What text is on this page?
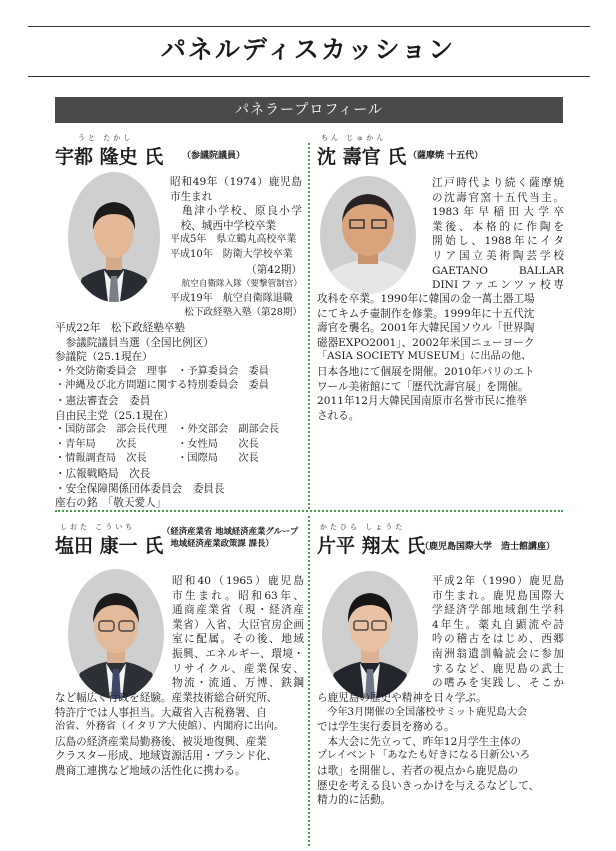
パネルディスカッション
パネラープロフィール
うと たかし
宇都 隆史 氏 （参議院議員）
昭和49年（1974）鹿児島
市生まれ
　亀津小学校、原良小学
　校、城西中学校卒業
平成5年　県立鶴丸高校卒業
平成10年　防衛大学校卒業
（第42期）
航空自衛隊入隊（要撃管制官）
平成19年　航空自衛隊退職
松下政経塾入塾（第28期）
平成22年　松下政経塾卒塾
　参議院議員当選（全国比例区）
参議院（25.1現在）
・外交防衛委員会　理事　・予算委員会　委員
・沖縄及び北方問題に関する特別委員会　委員
・憲法審査会　委員
自由民主党（25.1現在）
・国防部会　部会長代理　・外交部会　副部会長
・青年局　　次長　　　　・女性局　　次長
・情報調査局　次長　　　・国際局　　次長
・広報戦略局　次長
・安全保障関係団体委員会　委員長
座右の銘　「敬天愛人」
ちん じゅかん
沈 壽官 氏 （薩摩焼 十五代）
江戸時代より続く薩摩焼
の沈壽官窯十五代当主。
1983年早稲田大学卒
業後、本格的に作陶を
開始し、1988年にイタ
リア国立美術陶芸学校
GAETANO BALLAR
DINIファエンツァ校専
攻科を卒業。1990年に韓国の金一萬土器工場
にてキムチ壷制作を修業。1999年に十五代沈
壽官を襲名。2001年大韓民国ソウル「世界陶
磁器EXPO2001」、2002年米国ニューヨーク
「ASIA SOCIETY MUSEUM」に出品の他、
日本各地にて個展を開催。2010年パリのエト
ワール美術館にて「歴代沈壽官展」を開催。
2011年12月大韓民国南原市名誉市民に推挙
される。
しおた こういち
塩田 康一 氏
（経済産業省 地域経済産業グループ
　地域経済産業政策課 課長）
昭和40（1965）鹿児島
市生まれ。昭和63年、
通商産業省（現・経済産
業省）入省、大臣官房企画
室に配属。その後、地域
振興、エネルギー、環境・
リサイクル、産業保安、
物流・流通、万博、鉄鋼
など幅広く行政を経験。産業技術総合研究所、
特許庁では人事担当。大蔵省入吉税務署、自
治省、外務省（イタリア大使館）、内閣府に出向。
広島の経済産業局勤務後、被災地復興、産業
クラスター形成、地域資源活用・ブランド化、
農商工連携など地域の活性化に携わる。
かたひら しょうた
片平 翔太 氏
（鹿児島国際大学　造士館講座）
平成2年（1990）鹿児島
市生まれ。鹿児島国際大
学経済学部地域創生学科
4年生。薬丸自顕流や詩
吟の稽古をはじめ、西郷
南洲翁遺訓輪読会に参加
するなど、鹿児島の武士
の嗜みを実践し、そこか
ら鹿児島の歴史や精神を日々学ぶ。
　今年3月開催の全国藩校サミット鹿児島大会
では学生実行委員を務める。
　本大会に先立って、昨年12月学生主体の
プレイベント「あなたも好きになる日新公いろ
は歌」を開催し、若者の視点から鹿児島の
歴史を考える良いきっかけを与えるなどして、
精力的に活動。
